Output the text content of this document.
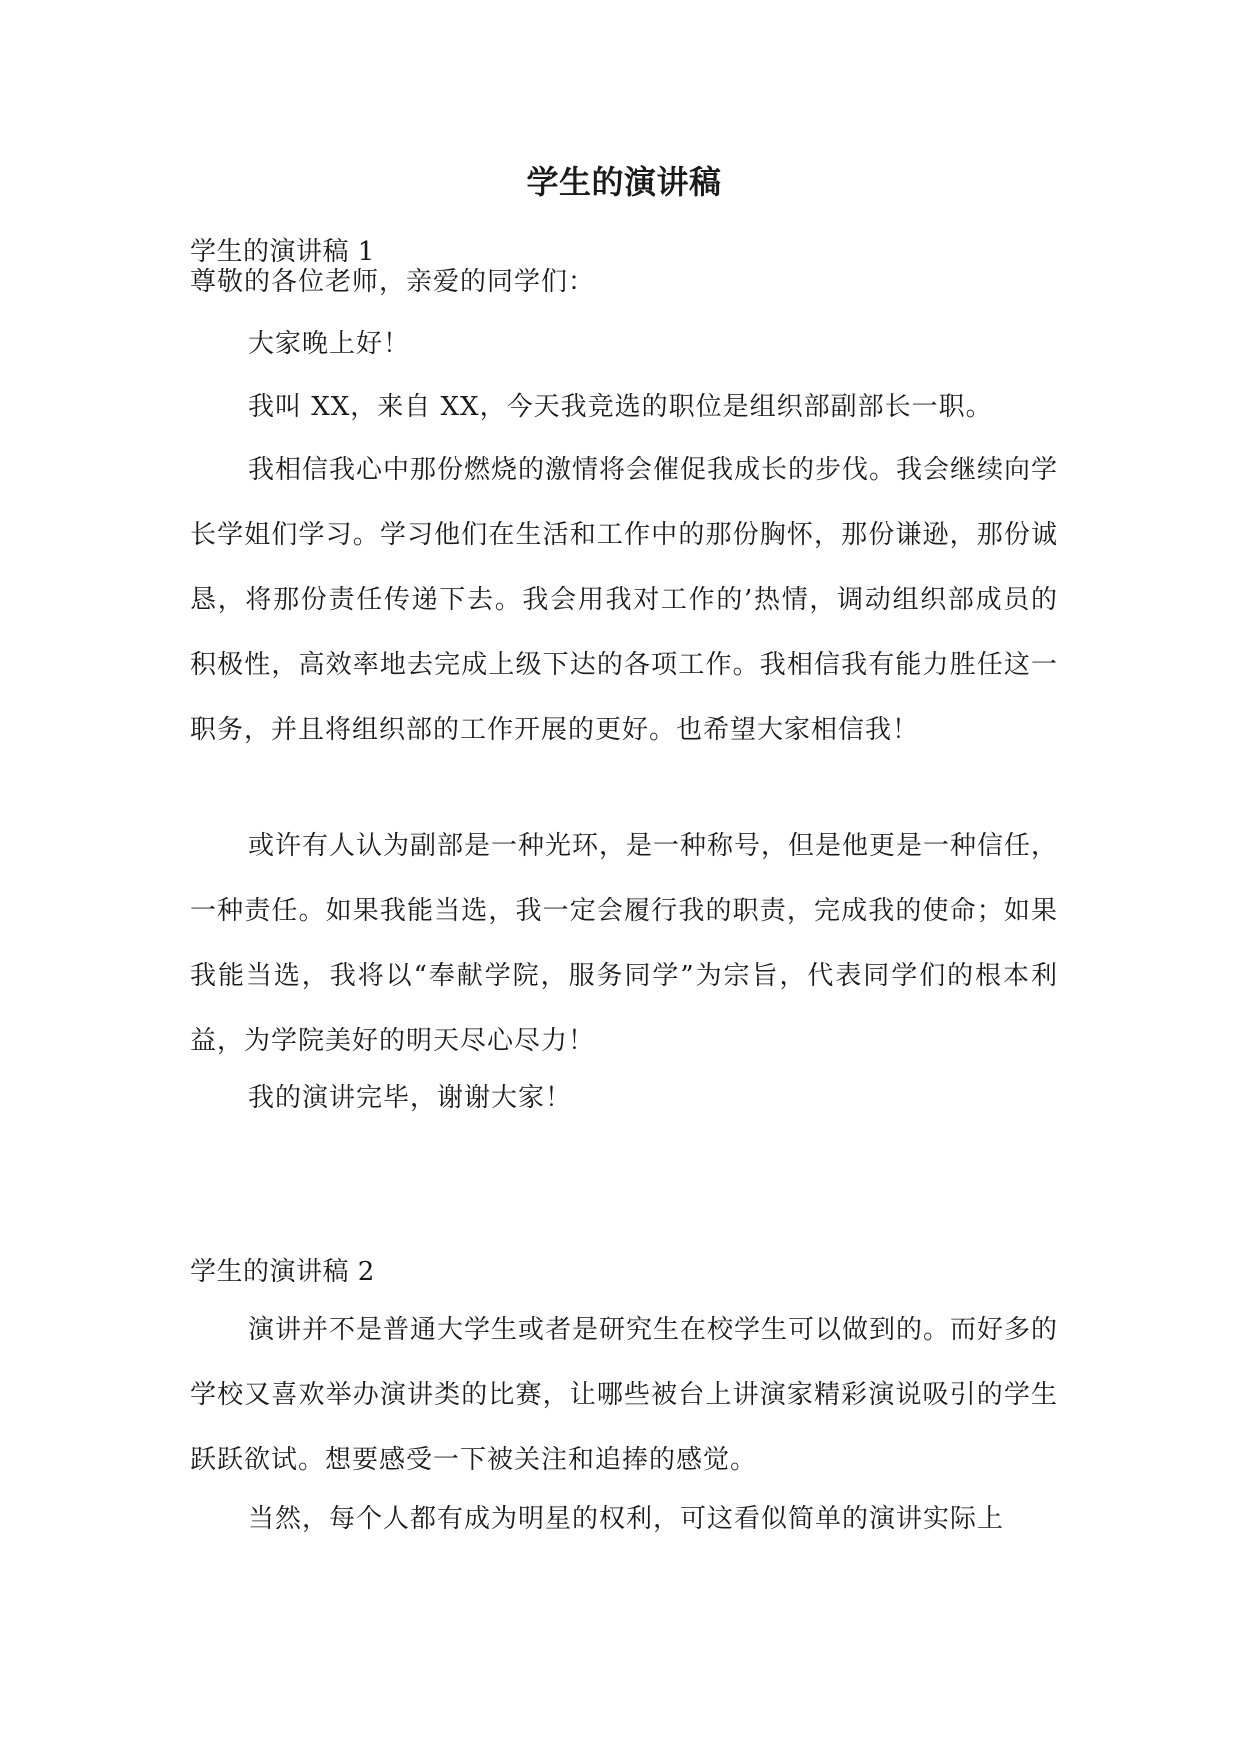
学生的演讲稿
学生的演讲稿 1

尊敬的各位老师，亲爱的同学们：

大家晚上好！

我叫 XX，来自 XX，今天我竞选的职位是组织部副部长一职。

我相信我心中那份燃烧的激情将会催促我成长的步伐。我会继续向学长学姐们学习。学习他们在生活和工作中的那份胸怀，那份谦逊，那份诚恳，将那份责任传递下去。我会用我对工作的’热情，调动组织部成员的积极性，高效率地去完成上级下达的各项工作。我相信我有能力胜任这一职务，并且将组织部的工作开展的更好。也希望大家相信我！

或许有人认为副部是一种光环，是一种称号，但是他更是一种信任，一种责任。如果我能当选，我一定会履行我的职责，完成我的使命；如果我能当选，我将以“奉献学院，服务同学”为宗旨，代表同学们的根本利益，为学院美好的明天尽心尽力！

我的演讲完毕，谢谢大家！

学生的演讲稿 2

演讲并不是普通大学生或者是研究生在校学生可以做到的。而好多的学校又喜欢举办演讲类的比赛，让哪些被台上讲演家精彩演说吸引的学生跃跃欲试。想要感受一下被关注和追捧的感觉。

当然，每个人都有成为明星的权利，可这看似简单的演讲实际上
